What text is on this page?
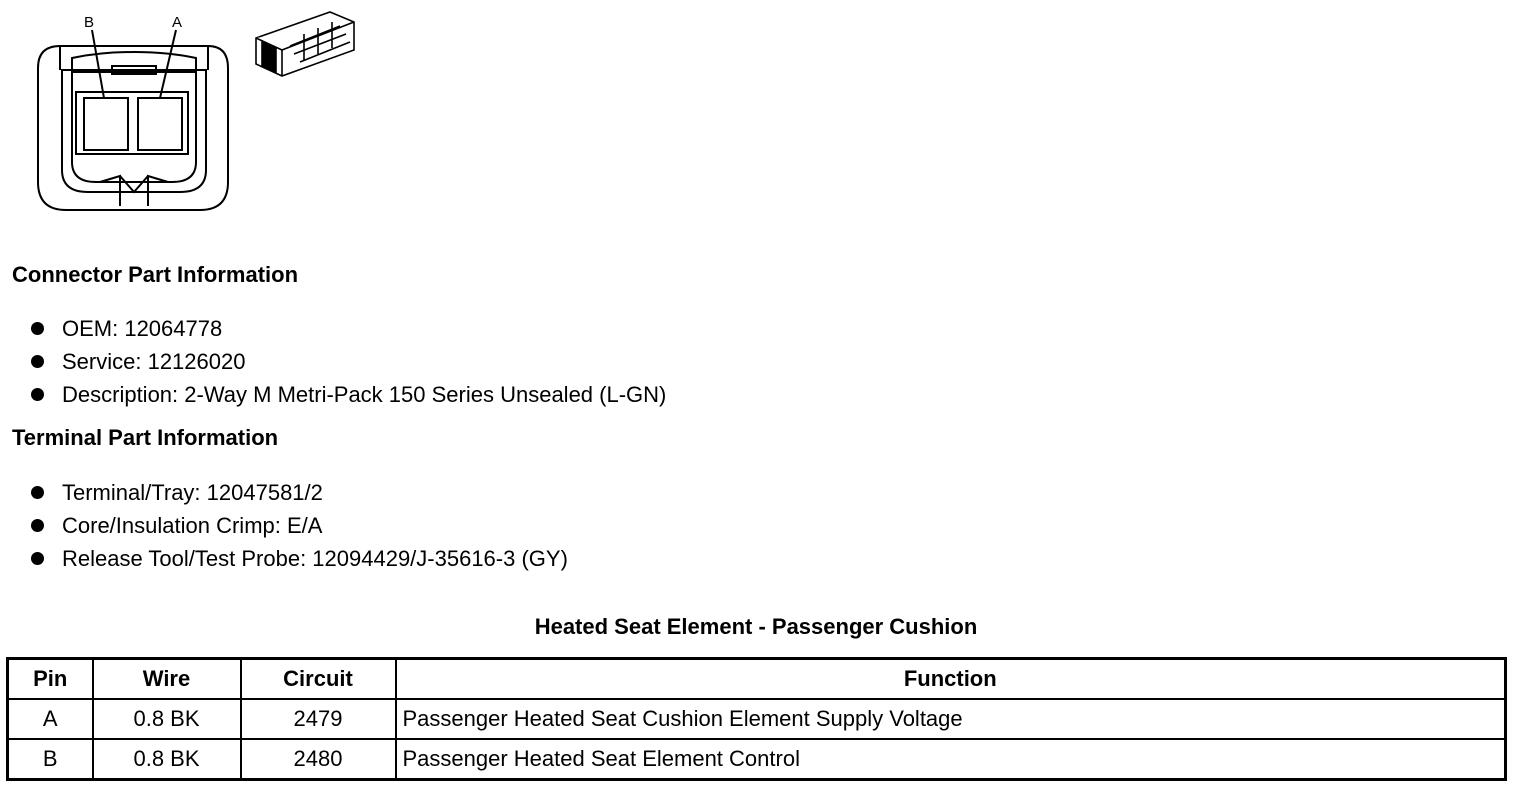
B	A
Connector Part Information
OEM: 12064778
Service: 12126020
Description: 2-Way M Metri-Pack 150 Series Unsealed (L-GN)
Terminal Part Information
Terminal/Tray: 12047581/2
Core/Insulation Crimp: E/A
Release Tool/Test Probe: 12094429/J-35616-3 (GY)
Heated Seat Element - Passenger Cushion
Pin	Wire	Circuit	Function
A	0.8 BK	2479	Passenger Heated Seat Cushion Element Supply Voltage
B	0.8 BK	2480	Passenger Heated Seat Element Control
